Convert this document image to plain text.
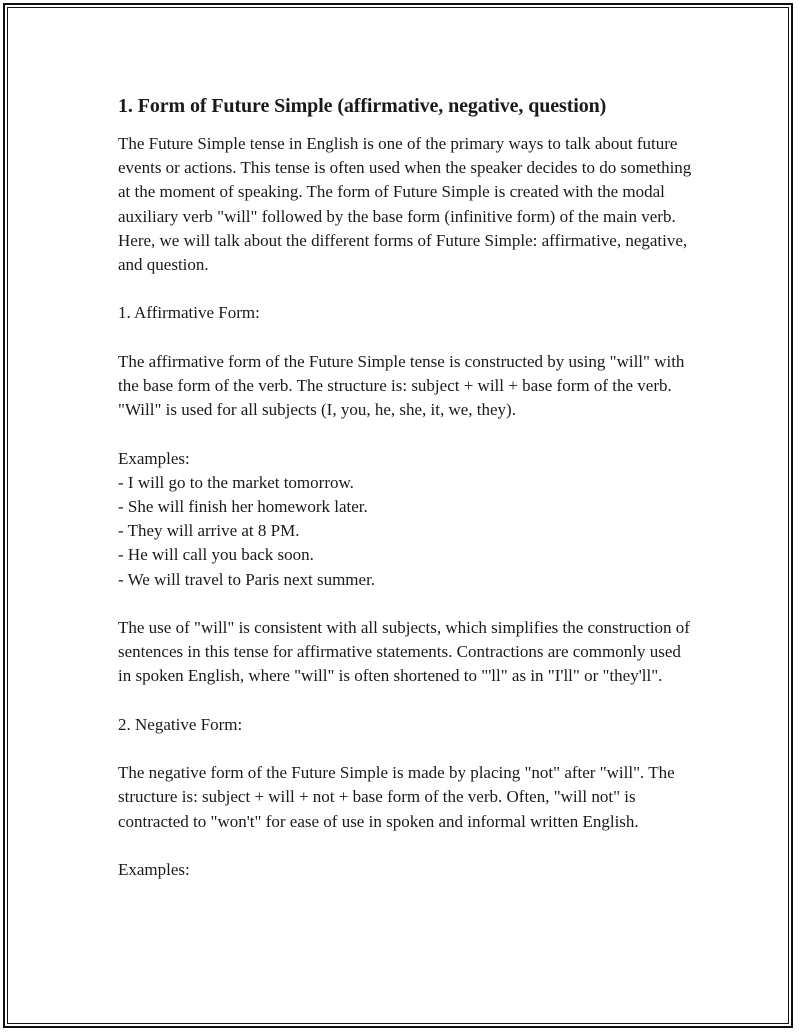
1. Form of Future Simple (affirmative, negative, question)

The Future Simple tense in English is one of the primary ways to talk about future events or actions. This tense is often used when the speaker decides to do something at the moment of speaking. The form of Future Simple is created with the modal auxiliary verb "will" followed by the base form (infinitive form) of the main verb. Here, we will talk about the different forms of Future Simple: affirmative, negative, and question.

1. Affirmative Form:

The affirmative form of the Future Simple tense is constructed by using "will" with the base form of the verb. The structure is: subject + will + base form of the verb. "Will" is used for all subjects (I, you, he, she, it, we, they).

Examples:

- I will go to the market tomorrow.
- She will finish her homework later.
- They will arrive at 8 PM.
- He will call you back soon.
- We will travel to Paris next summer.

The use of "will" is consistent with all subjects, which simplifies the construction of sentences in this tense for affirmative statements. Contractions are commonly used in spoken English, where "will" is often shortened to "'ll" as in "I'll" or "they'll".

2. Negative Form:

The negative form of the Future Simple is made by placing "not" after "will". The structure is: subject + will + not + base form of the verb. Often, "will not" is contracted to "won't" for ease of use in spoken and informal written English.

Examples:
